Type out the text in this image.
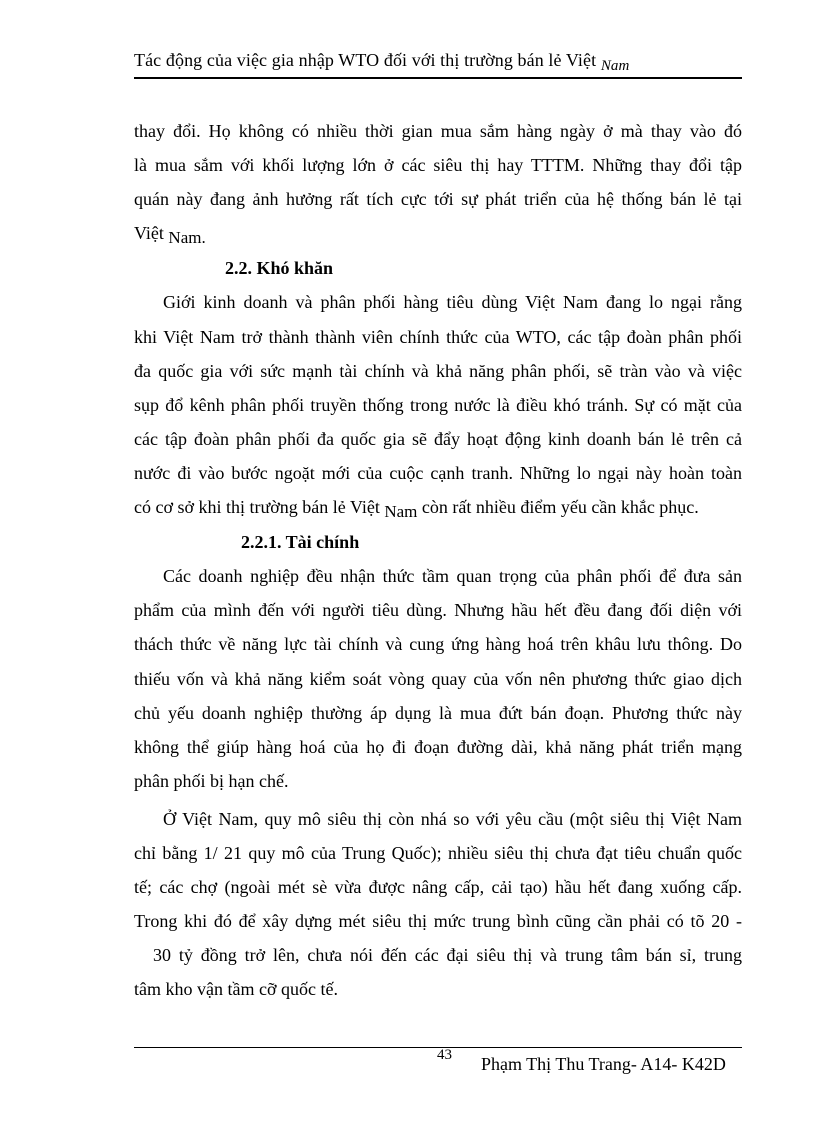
Tác động của việc gia nhập WTO đối với thị trường bán lẻ Việt $_{Nam}$
thay đổi. Họ không có nhiều thời gian mua sắm hàng ngày ở mà thay vào đó
là mua sắm với khối lượng lớn ở các siêu thị hay TTTM. Những thay đổi tập
quán này đang ảnh hưởng rất tích cực tới sự phát triển của hệ thống bán lẻ tại
Việt Nam.
2.2. Khó khăn
Giới kinh doanh và phân phối hàng tiêu dùng Việt Nam đang lo ngại rằng
khi Việt Nam trở thành thành viên chính thức của WTO, các tập đoàn phân phối
đa quốc gia với sức mạnh tài chính và khả năng phân phối, sẽ tràn vào và việc
sụp đổ kênh phân phối truyền thống trong nước là điều khó tránh. Sự có mặt của
các tập đoàn phân phối đa quốc gia sẽ đẩy hoạt động kinh doanh bán lẻ trên cả
nước đi vào bước ngoặt mới của cuộc cạnh tranh. Những lo ngại này hoàn toàn
có cơ sở khi thị trường bán lẻ Việt Nam còn rất nhiều điểm yếu cần khắc phục.
2.2.1. Tài chính
Các doanh nghiệp đều nhận thức tầm quan trọng của phân phối để đưa sản
phẩm của mình đến với người tiêu dùng. Nhưng hầu hết đều đang đối diện với
thách thức về năng lực tài chính và cung ứng hàng hoá trên khâu lưu thông. Do
thiếu vốn và khả năng kiểm soát vòng quay của vốn nên phương thức giao dịch
chủ yếu doanh nghiệp thường áp dụng là mua đứt bán đoạn. Phương thức này
không thể giúp hàng hoá của họ đi đoạn đường dài, khả năng phát triển mạng
phân phối bị hạn chế.
Ở Việt Nam, quy mô siêu thị còn nhá so với yêu cầu (một siêu thị Việt Nam
chỉ bằng 1/ 21 quy mô của Trung Quốc); nhiều siêu thị chưa đạt tiêu chuẩn quốc
tế; các chợ (ngoài mét sè vừa được nâng cấp, cải tạo) hầu hết đang xuống cấp.
Trong khi đó để xây dựng mét siêu thị mức trung bình cũng cần phải có tõ 20 -
30 tỷ đồng trở lên, chưa nói đến các đại siêu thị và trung tâm bán sỉ, trung
tâm kho vận tầm cỡ quốc tế.
43 Phạm Thị Thu Trang- A14- K42D
